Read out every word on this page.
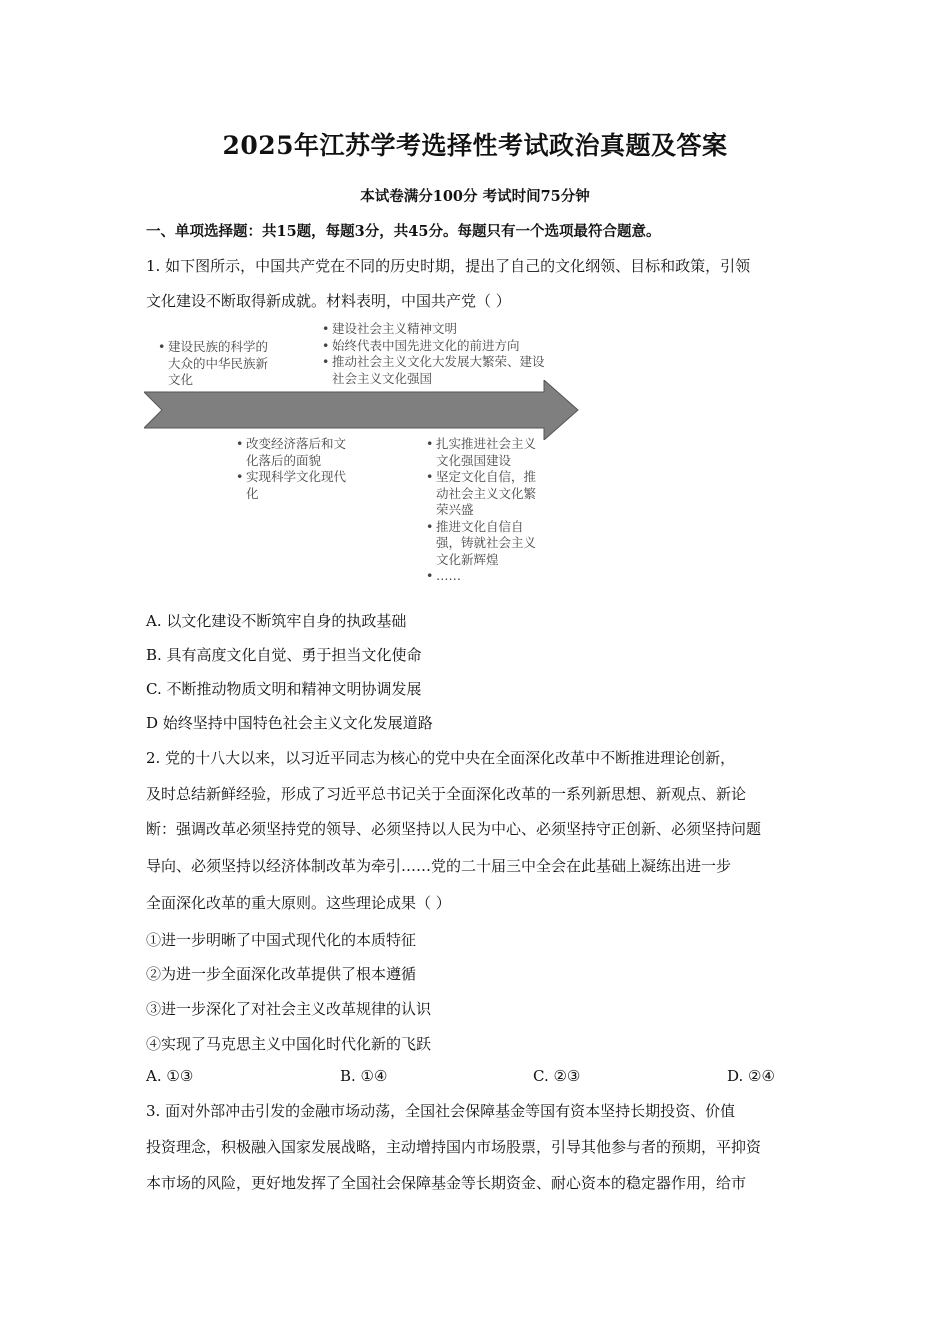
2025年江苏学考选择性考试政治真题及答案
本试卷满分100分 考试时间75分钟
一、单项选择题：共15题，每题3分，共45分。每题只有一个选项最符合题意。
1. 如下图所示，中国共产党在不同的历史时期，提出了自己的文化纲领、目标和政策，引领
文化建设不断取得新成就。材料表明，中国共产党（ ）
• 建设民族的科学的大众的中华民族新文化
• 改变经济落后和文化落后的面貌
• 实现科学文化现代化
• 建设社会主义精神文明
• 始终代表中国先进文化的前进方向
• 推动社会主义文化大发展大繁荣、建设社会主义文化强国
• 扎实推进社会主义文化强国建设
• 坚定文化自信，推动社会主义文化繁荣兴盛
• 推进文化自信自强，铸就社会主义文化新辉煌
• ……
A. 以文化建设不断筑牢自身的执政基础
B. 具有高度文化自觉、勇于担当文化使命
C. 不断推动物质文明和精神文明协调发展
D 始终坚持中国特色社会主义文化发展道路
2. 党的十八大以来，以习近平同志为核心的党中央在全面深化改革中不断推进理论创新，
及时总结新鲜经验，形成了习近平总书记关于全面深化改革的一系列新思想、新观点、新论
断：强调改革必须坚持党的领导、必须坚持以人民为中心、必须坚持守正创新、必须坚持问题
导向、必须坚持以经济体制改革为牵引……党的二十届三中全会在此基础上凝练出进一步
全面深化改革的重大原则。这些理论成果（ ）
①进一步明晰了中国式现代化的本质特征
②为进一步全面深化改革提供了根本遵循
③进一步深化了对社会主义改革规律的认识
④实现了马克思主义中国化时代化新的飞跃
A. ①③	B. ①④	C. ②③	D. ②④
3. 面对外部冲击引发的金融市场动荡，全国社会保障基金等国有资本坚持长期投资、价值
投资理念，积极融入国家发展战略，主动增持国内市场股票，引导其他参与者的预期，平抑资
本市场的风险，更好地发挥了全国社会保障基金等长期资金、耐心资本的稳定器作用，给市
